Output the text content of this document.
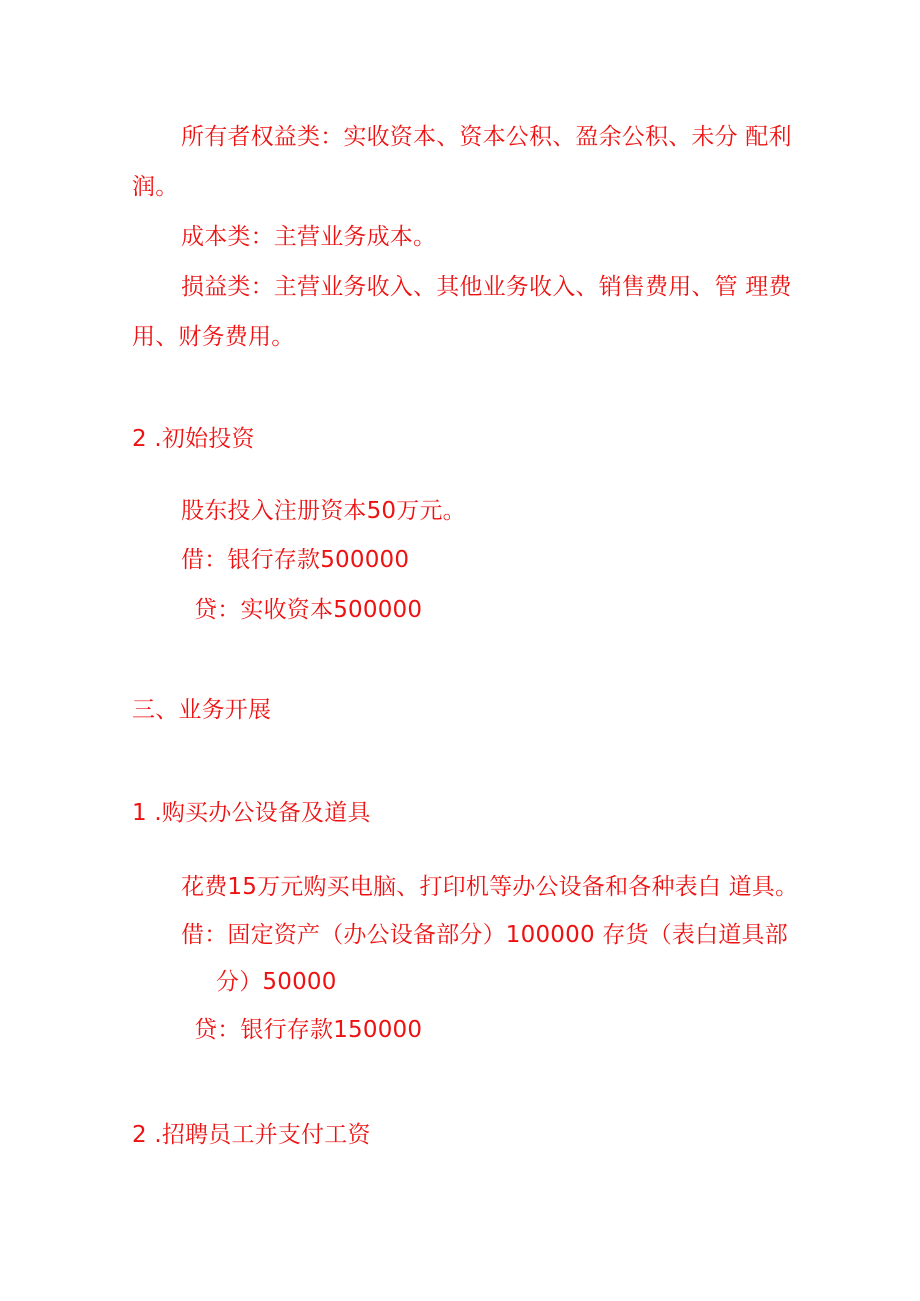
所有者权益类：实收资本、资本公积、盈余公积、未分 配利
润。
成本类：主营业务成本。
损益类：主营业务收入、其他业务收入、销售费用、管 理费
用、财务费用。
2 .初始投资
股东投入注册资本50万元。
借：银行存款500000
贷：实收资本500000
三、业务开展
1 .购买办公设备及道具
花费15万元购买电脑、打印机等办公设备和各种表白 道具。
借：固定资产（办公设备部分）100000 存货（表白道具部
分）50000
贷：银行存款150000
2 .招聘员工并支付工资
